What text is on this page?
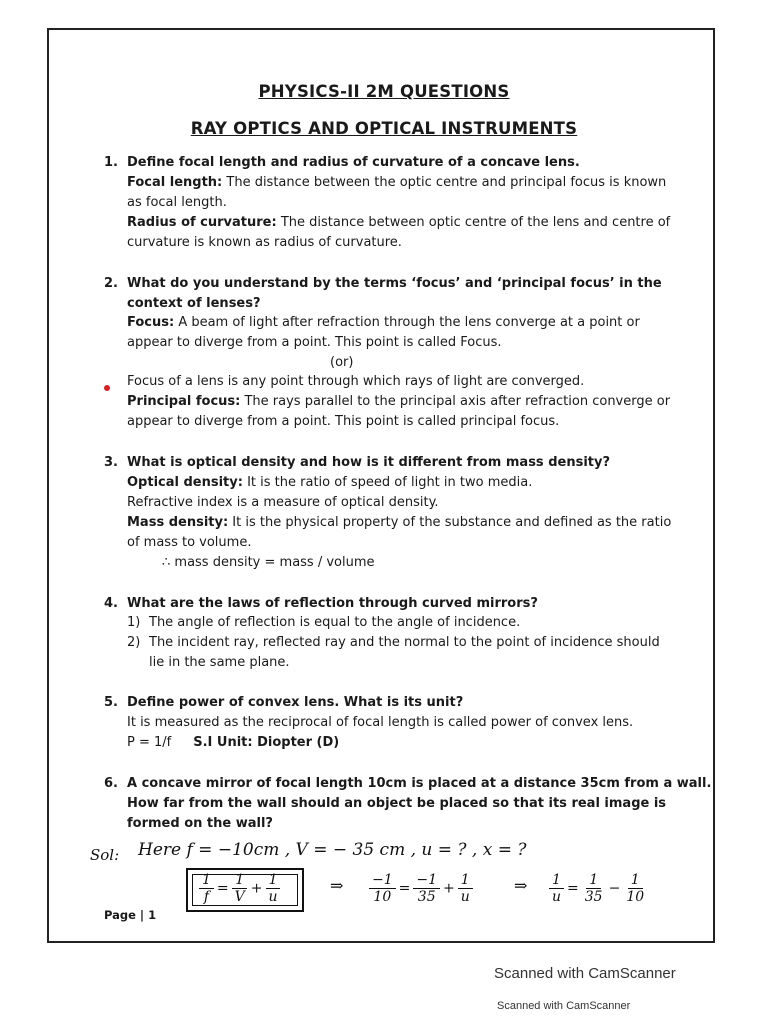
PHYSICS-II 2M QUESTIONS
RAY OPTICS AND OPTICAL INSTRUMENTS
1. Define focal length and radius of curvature of a concave lens.
Focal length: The distance between the optic centre and principal focus is known
as focal length.
Radius of curvature: The distance between optic centre of the lens and centre of
curvature is known as radius of curvature.
2. What do you understand by the terms ‘focus’ and ‘principal focus’ in the
context of lenses?
Focus: A beam of light after refraction through the lens converge at a point or
appear to diverge from a point. This point is called Focus.
(or)
Focus of a lens is any point through which rays of light are converged.
Principal focus: The rays parallel to the principal axis after refraction converge or
appear to diverge from a point. This point is called principal focus.
3. What is optical density and how is it different from mass density?
Optical density: It is the ratio of speed of light in two media.
Refractive index is a measure of optical density.
Mass density: It is the physical property of the substance and defined as the ratio
of mass to volume.
∴ mass density = mass / volume
4. What are the laws of reflection through curved mirrors?
1) The angle of reflection is equal to the angle of incidence.
2) The incident ray, reflected ray and the normal to the point of incidence should
lie in the same plane.
5. Define power of convex lens. What is its unit?
It is measured as the reciprocal of focal length is called power of convex lens.
P = 1/f S.I Unit: Diopter (D)
6. A concave mirror of focal length 10cm is placed at a distance 35cm from a wall.
How far from the wall should an object be placed so that its real image is
formed on the wall?
Sol: Here f = −10cm , V = − 35 cm , u = ? , x = ?
$\frac{1}{f} = \frac{1}{V} + \frac{1}{u}$	⇒ $\frac{-1}{10} = \frac{-1}{35} + \frac{1}{u}$	⇒ $\frac{1}{u} = \frac{1}{35} - \frac{1}{10}$
Page | 1
Scanned with CamScanner
Scanned with CamScanner
